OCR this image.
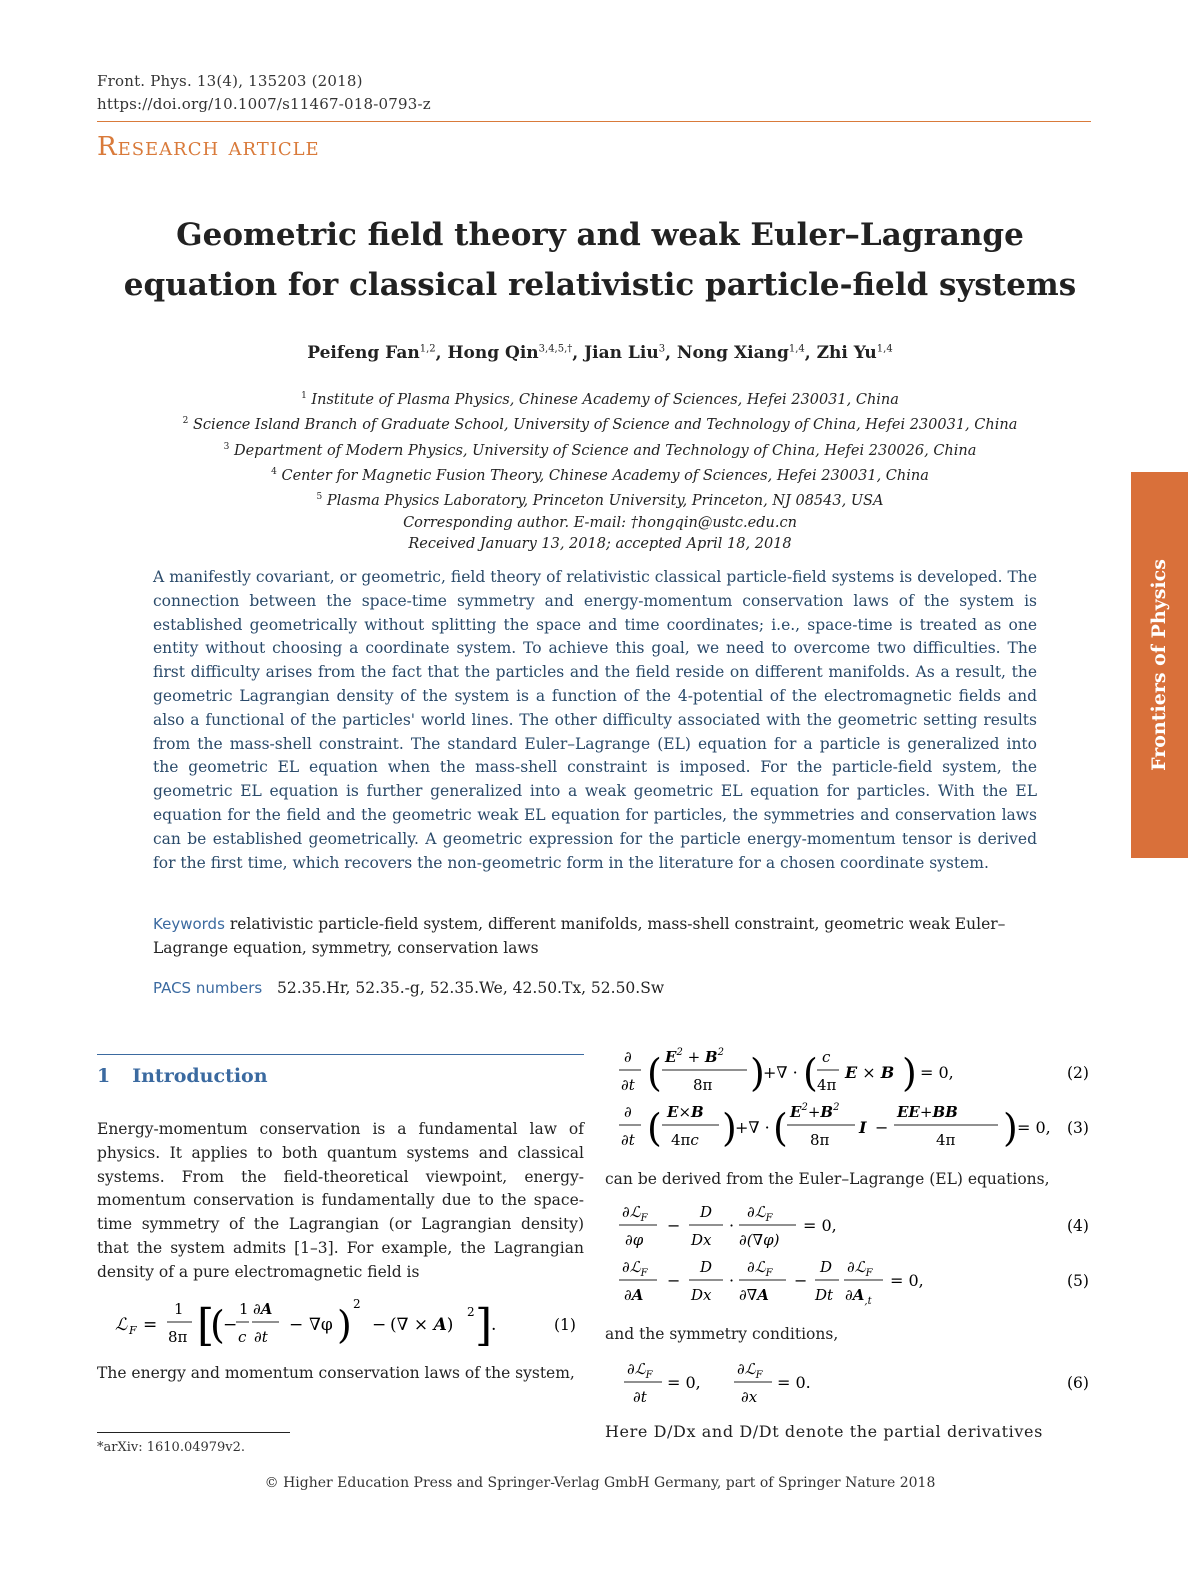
Front. Phys. 13(4), 135203 (2018)
https://doi.org/10.1007/s11467-018-0793-z
Research article
Geometric field theory and weak Euler–Lagrange
equation for classical relativistic particle-field systems
Peifeng Fan$^{1,2}$, Hong Qin$^{3,4,5,\dagger}$, Jian Liu$^3$, Nong Xiang$^{1,4}$, Zhi Yu$^{1,4}$
$^1$ Institute of Plasma Physics, Chinese Academy of Sciences, Hefei 230031, China
$^2$ Science Island Branch of Graduate School, University of Science and Technology of China, Hefei 230031, China
$^3$ Department of Modern Physics, University of Science and Technology of China, Hefei 230026, China
$^4$ Center for Magnetic Fusion Theory, Chinese Academy of Sciences, Hefei 230031, China
$^5$ Plasma Physics Laboratory, Princeton University, Princeton, NJ 08543, USA
Corresponding author. E-mail: †hongqin@ustc.edu.cn
Received January 13, 2018; accepted April 18, 2018
A manifestly covariant, or geometric, field theory of relativistic classical particle-field systems is developed. The connection between the space-time symmetry and energy-momentum conservation laws of the system is established geometrically without splitting the space and time coordinates; i.e., space-time is treated as one entity without choosing a coordinate system. To achieve this goal, we need to overcome two difficulties. The first difficulty arises from the fact that the particles and the field reside on different manifolds. As a result, the geometric Lagrangian density of the system is a function of the 4-potential of the electromagnetic fields and also a functional of the particles' world lines. The other difficulty associated with the geometric setting results from the mass-shell constraint. The standard Euler–Lagrange (EL) equation for a particle is generalized into the geometric EL equation when the mass-shell constraint is imposed. For the particle-field system, the geometric EL equation is further generalized into a weak geometric EL equation for particles. With the EL equation for the field and the geometric weak EL equation for particles, the symmetries and conservation laws can be established geometrically. A geometric expression for the particle energy-momentum tensor is derived for the first time, which recovers the non-geometric form in the literature for a chosen coordinate system.
Keywords relativistic particle-field system, different manifolds, mass-shell constraint, geometric weak Euler–Lagrange equation, symmetry, conservation laws
PACS numbers 52.35.Hr, 52.35.-g, 52.35.We, 42.50.Tx, 52.50.Sw
Frontiers of Physics
1 Introduction
Energy-momentum conservation is a fundamental law of physics. It applies to both quantum systems and classical systems. From the field-theoretical viewpoint, energy-momentum conservation is fundamentally due to the space-time symmetry of the Lagrangian (or Lagrangian density) that the system admits [1–3]. For example, the Lagrangian density of a pure electromagnetic field is
ℒ F =
1
8π [
(
−
1
c
∂A
∂t
− ∇φ ) 2
− (∇ × A)
2 ]
.	(1)
The energy and momentum conservation laws of the system,
*arXiv: 1610.04979v2.
∂
∂t ( $E^2 + B^2$
8π )
+∇ · ( c
4π
E × B ) = 0,	(2)
∂
∂t ( E×B
4πc )
+∇ · ( $E^2+B^2$
8π
I −
EE+BB
4π ) = 0, (3)
can be derived from the Euler–Lagrange (EL) equations,
∂ℒ$_F$
∂φ
−
D
Dx
·
∂ℒ$_F$
∂(∇φ)
= 0,	(4)
∂ℒ$_F$
∂A
−
D
Dx
·
∂ℒ$_F$
∂∇A
−
D
Dt
∂ℒ$_F$
$\partial A_{,t}$
= 0,	(5)
and the symmetry conditions,
∂ℒ$_F$
∂t
= 0,
∂ℒ$_F$
∂x
= 0.	(6)
Here D/Dx and D/Dt denote the partial derivatives
© Higher Education Press and Springer-Verlag GmbH Germany, part of Springer Nature 2018
